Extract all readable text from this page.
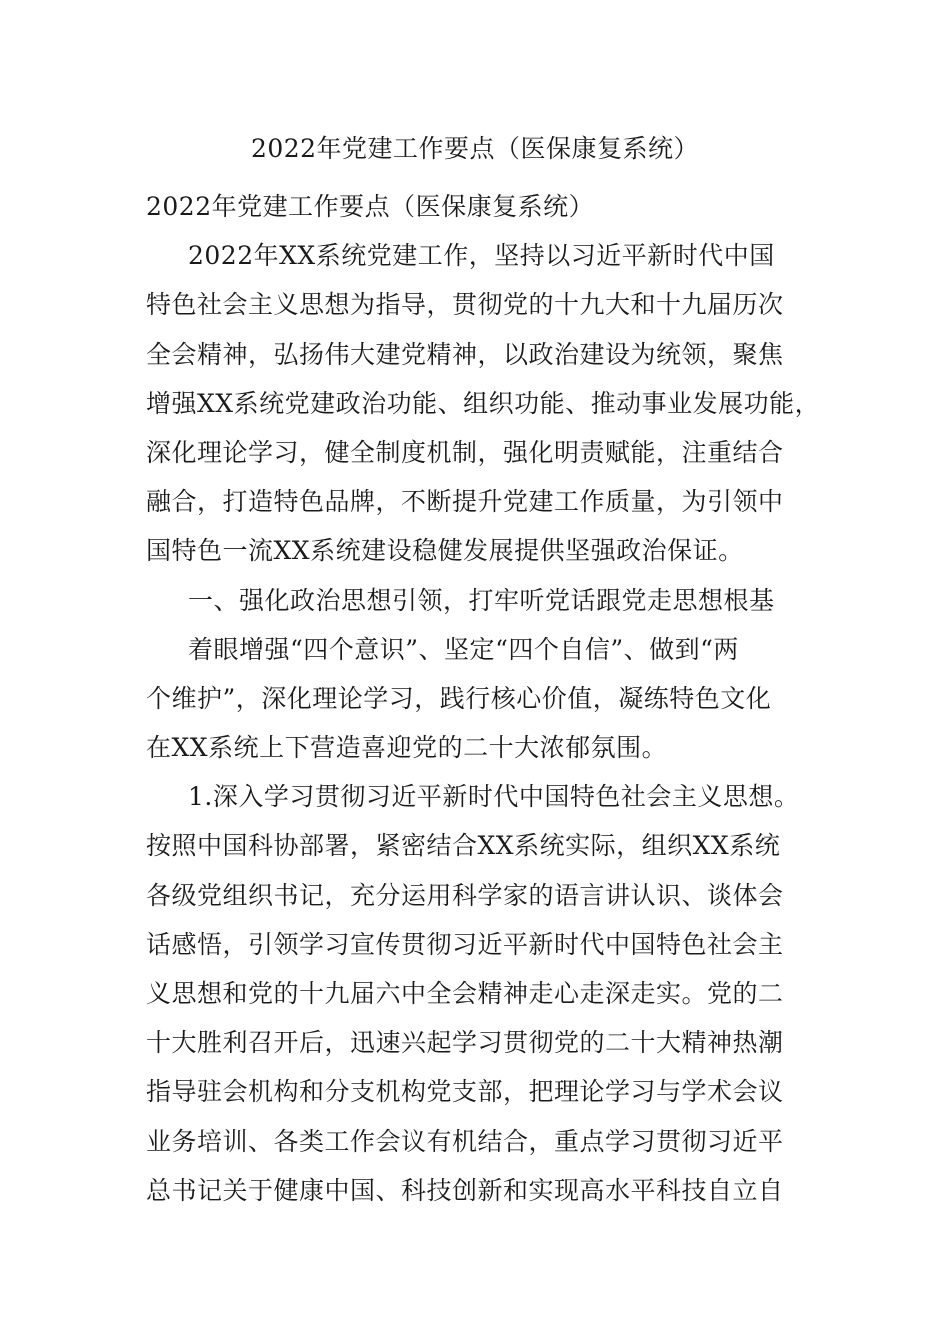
2022年党建工作要点（医保康复系统）
2022年党建工作要点（医保康复系统）
2022年XX系统党建工作，坚持以习近平新时代中国
特色社会主义思想为指导，贯彻党的十九大和十九届历次
全会精神，弘扬伟大建党精神，以政治建设为统领，聚焦
增强XX系统党建政治功能、组织功能、推动事业发展功能，
深化理论学习，健全制度机制，强化明责赋能，注重结合
融合，打造特色品牌，不断提升党建工作质量，为引领中
国特色一流XX系统建设稳健发展提供坚强政治保证。
一、强化政治思想引领，打牢听党话跟党走思想根基
着眼增强“四个意识”、坚定“四个自信”、做到“两
个维护”，深化理论学习，践行核心价值，凝练特色文化
在XX系统上下营造喜迎党的二十大浓郁氛围。
1.深入学习贯彻习近平新时代中国特色社会主义思想。
按照中国科协部署，紧密结合XX系统实际，组织XX系统
各级党组织书记，充分运用科学家的语言讲认识、谈体会
话感悟，引领学习宣传贯彻习近平新时代中国特色社会主
义思想和党的十九届六中全会精神走心走深走实。党的二
十大胜利召开后，迅速兴起学习贯彻党的二十大精神热潮
指导驻会机构和分支机构党支部，把理论学习与学术会议
业务培训、各类工作会议有机结合，重点学习贯彻习近平
总书记关于健康中国、科技创新和实现高水平科技自立自
